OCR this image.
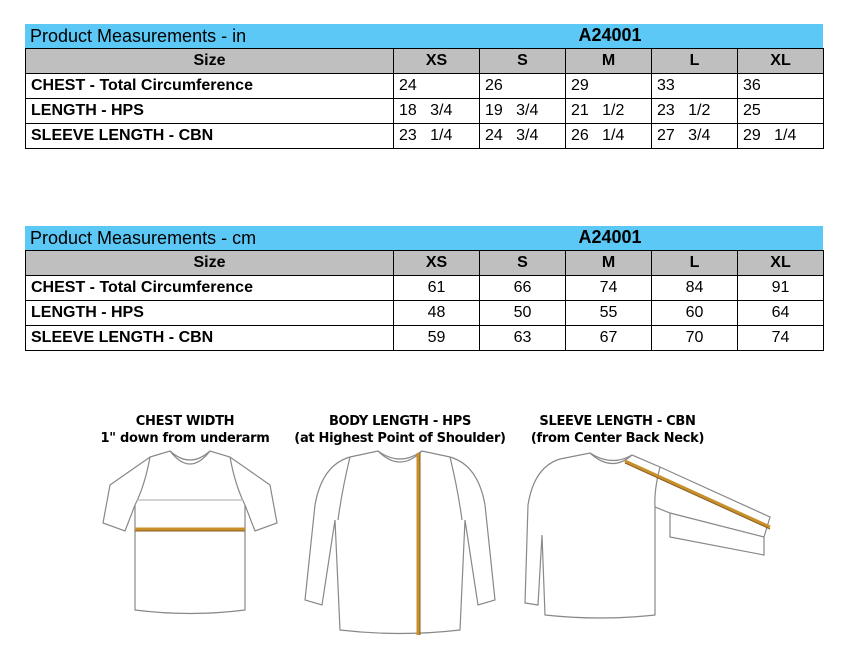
Product Measurements - in	A24001
Size	XS	S	M	L	XL
CHEST - Total Circumference	24	26	29	33	36
LENGTH - HPS	18   3/4	19   3/4	21   1/2	23   1/2	25
SLEEVE LENGTH - CBN	23   1/4	24   3/4	26   1/4	27   3/4	29   1/4
Product Measurements - cm	A24001
Size	XS	S	M	L	XL
CHEST - Total Circumference	61	66	74	84	91
LENGTH - HPS	48	50	55	60	64
SLEEVE LENGTH - CBN	59	63	67	70	74
CHEST WIDTH
1" down from underarm
BODY LENGTH - HPS
(at Highest Point of Shoulder)
SLEEVE LENGTH - CBN
(from Center Back Neck)
